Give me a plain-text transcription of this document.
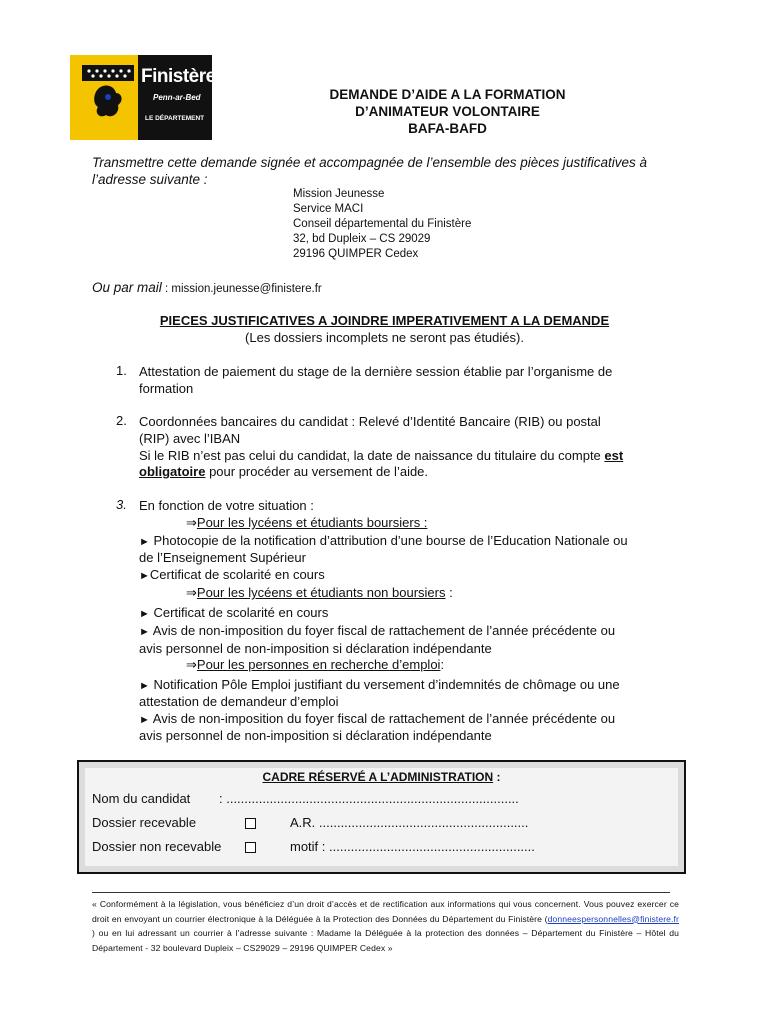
Finistère
Penn-ar-Bed
LE DÉPARTEMENT
DEMANDE D’AIDE A LA FORMATION
D’ANIMATEUR VOLONTAIRE
BAFA-BAFD
Transmettre cette demande signée et accompagnée de l’ensemble des pièces justificatives à
l’adresse suivante :
Mission Jeunesse
Service MACI
Conseil départemental du Finistère
32, bd Dupleix – CS 29029
29196 QUIMPER Cedex
Ou par mail : mission.jeunesse@finistere.fr
PIECES JUSTIFICATIVES A JOINDRE IMPERATIVEMENT A LA DEMANDE
(Les dossiers incomplets ne seront pas étudiés).
1. Attestation de paiement du stage de la dernière session établie par l’organisme de
formation
2. Coordonnées bancaires du candidat : Relevé d’Identité Bancaire (RIB) ou postal
(RIP) avec l’IBAN
Si le RIB n’est pas celui du candidat, la date de naissance du titulaire du compte est
obligatoire pour procéder au versement de l’aide.
3. En fonction de votre situation :
⇒Pour les lycéens et étudiants boursiers :
► Photocopie de la notification d’attribution d’une bourse de l’Education Nationale ou
de l’Enseignement Supérieur
►Certificat de scolarité en cours
⇒Pour les lycéens et étudiants non boursiers :
► Certificat de scolarité en cours
► Avis de non-imposition du foyer fiscal de rattachement de l’année précédente ou
avis personnel de non-imposition si déclaration indépendante
⇒Pour les personnes en recherche d’emploi:
► Notification Pôle Emploi justifiant du versement d’indemnités de chômage ou une
attestation de demandeur d’emploi
► Avis de non-imposition du foyer fiscal de rattachement de l’année précédente ou
avis personnel de non-imposition si déclaration indépendante
CADRE RÉSERVÉ A L’ADMINISTRATION :
Nom du candidat : .................................................................................
Dossier recevable	A.R. ..........................................................
Dossier non recevable	motif : .........................................................
« Conformément à la législation, vous bénéficiez d’un droit d’accès et de rectification aux informations qui vous concernent. Vous pouvez exercer ce droit en envoyant un courrier électronique à la Déléguée à la Protection des Données du Département du Finistère (donneespersonnelles@finistere.fr ) ou en lui adressant un courrier à l’adresse suivante : Madame la Déléguée à la protection des données – Département du Finistère – Hôtel du Département - 32 boulevard Dupleix – CS29029 – 29196 QUIMPER Cedex »
